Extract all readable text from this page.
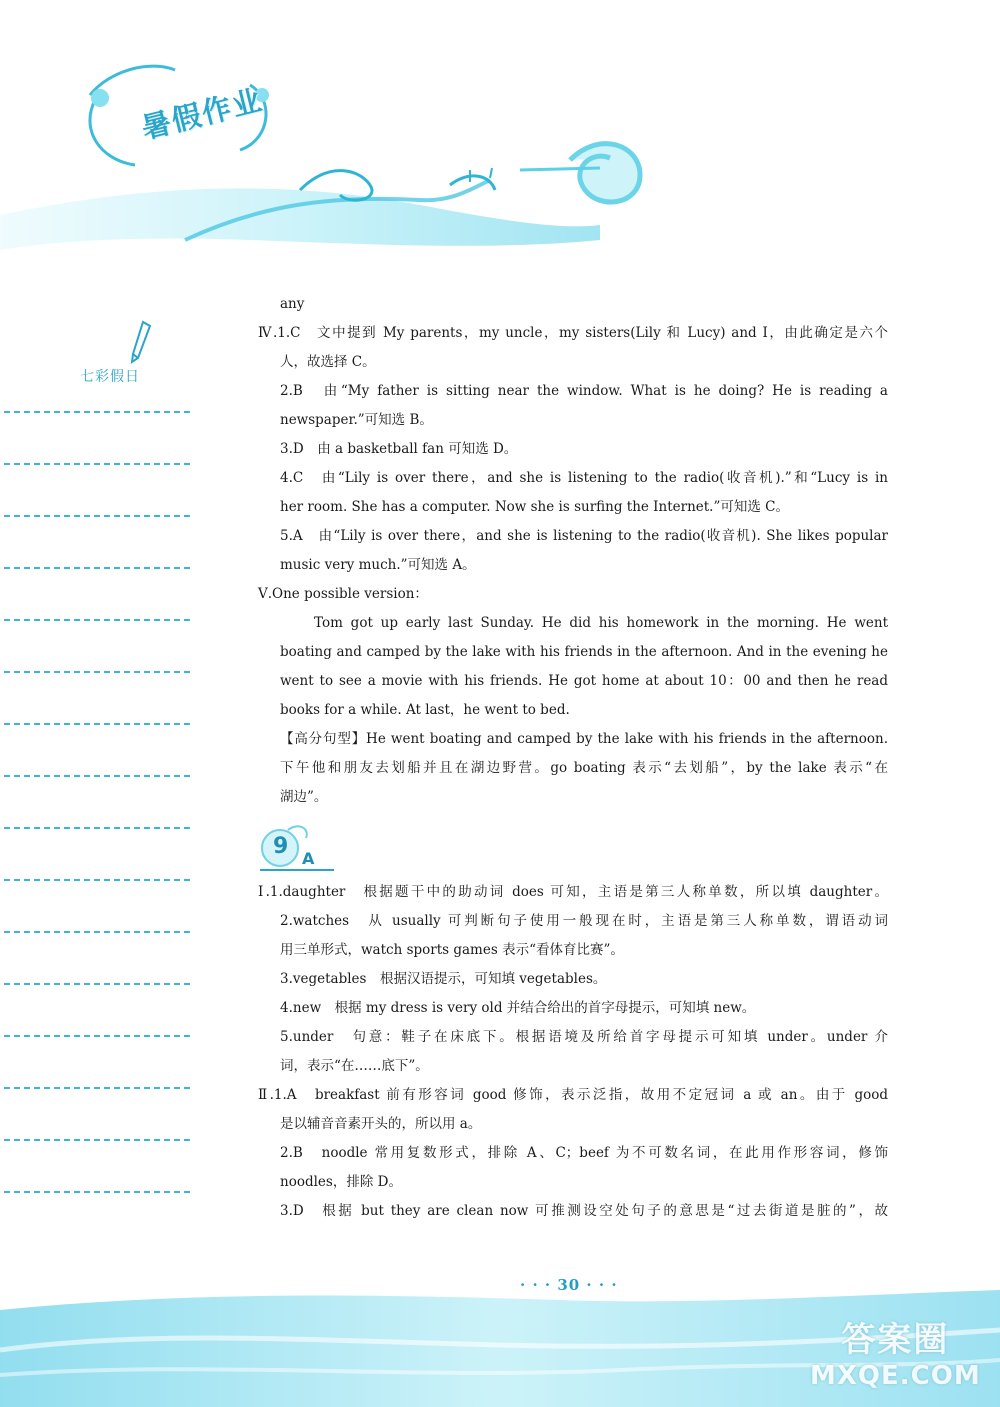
暑假作业
七彩假日
any
Ⅳ.1.C　文中提到 My parents，my uncle，my sisters(Lily 和 Lucy) and I，由此确定是六个
人，故选择 C。
2.B　由“My father is sitting near the window. What is he doing? He is reading a
newspaper.”可知选 B。
3.D　由 a basketball fan 可知选 D。
4.C　由“Lily is over there，and she is listening to the radio(收音机).”和“Lucy is in
her room. She has a computer. Now she is surfing the Internet.”可知选 C。
5.A　由“Lily is over there，and she is listening to the radio(收音机). She likes popular
music very much.”可知选 A。
Ⅴ.One possible version：
Tom got up early last Sunday. He did his homework in the morning. He went
boating and camped by the lake with his friends in the afternoon. And in the evening he
went to see a movie with his friends. He got home at about 10：00 and then he read
books for a while. At last，he went to bed.
【高分句型】He went boating and camped by the lake with his friends in the afternoon.
下午他和朋友去划船并且在湖边野营。go boating 表示“去划船”，by the lake 表示“在
湖边”。
9 A
Ⅰ.1.daughter　根据题干中的助动词 does 可知，主语是第三人称单数，所以填 daughter。
2.watches　从 usually 可判断句子使用一般现在时，主语是第三人称单数，谓语动词
用三单形式，watch sports games 表示“看体育比赛”。
3.vegetables　根据汉语提示，可知填 vegetables。
4.new　根据 my dress is very old 并结合给出的首字母提示，可知填 new。
5.under　句意：鞋子在床底下。根据语境及所给首字母提示可知填 under。under 介
词，表示“在……底下”。
Ⅱ.1.A　breakfast 前有形容词 good 修饰，表示泛指，故用不定冠词 a 或 an。由于 good
是以辅音音素开头的，所以用 a。
2.B　noodle 常用复数形式，排除 A、C；beef 为不可数名词，在此用作形容词，修饰
noodles，排除 D。
3.D　根据 but they are clean now 可推测设空处句子的意思是“过去街道是脏的”，故
· · · 30 · · ·
答案圈
MXQE.COM
